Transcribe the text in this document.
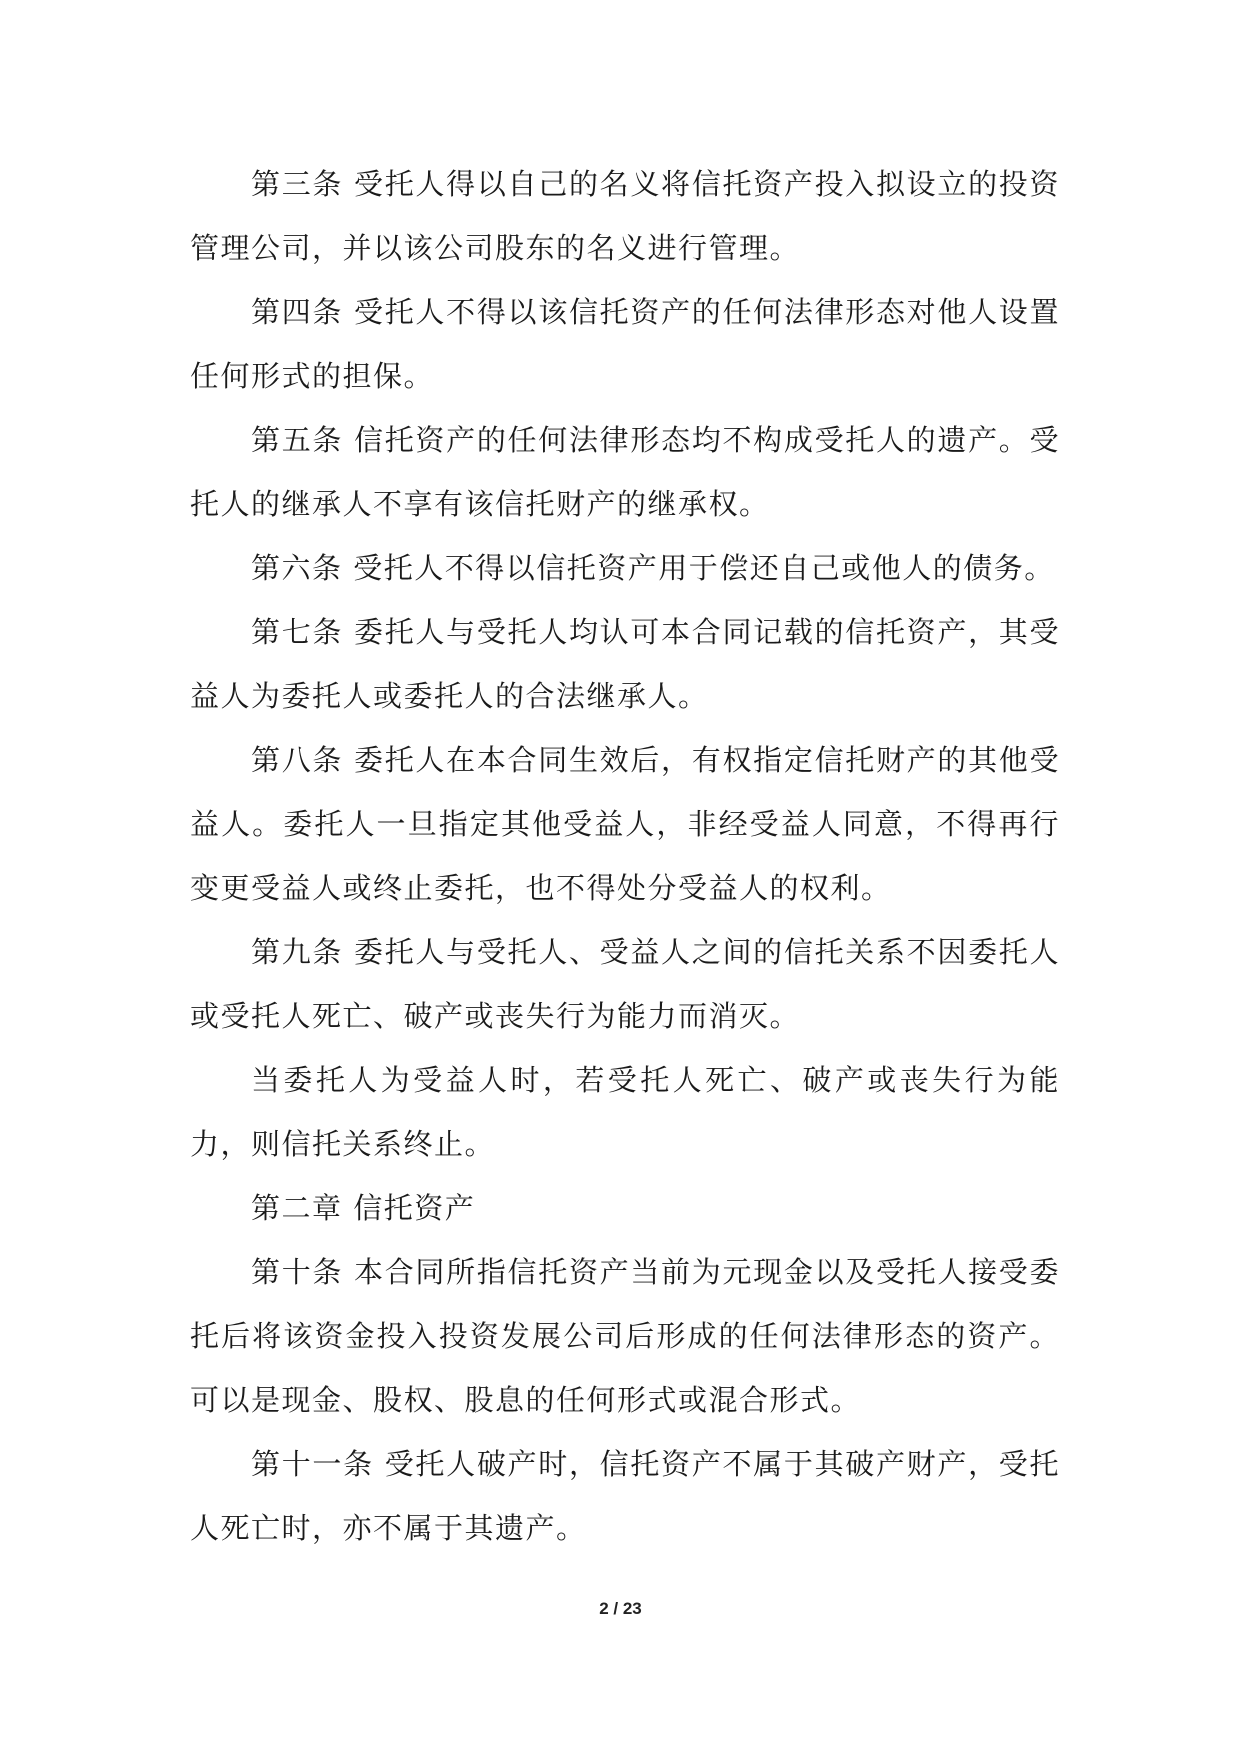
第三条 受托人得以自己的名义将信托资产投入拟设立的投资管理公司，并以该公司股东的名义进行管理。

第四条 受托人不得以该信托资产的任何法律形态对他人设置任何形式的担保。

第五条 信托资产的任何法律形态均不构成受托人的遗产。受托人的继承人不享有该信托财产的继承权。

第六条 受托人不得以信托资产用于偿还自己或他人的债务。

第七条 委托人与受托人均认可本合同记载的信托资产，其受益人为委托人或委托人的合法继承人。

第八条 委托人在本合同生效后，有权指定信托财产的其他受益人。委托人一旦指定其他受益人，非经受益人同意，不得再行变更受益人或终止委托，也不得处分受益人的权利。

第九条 委托人与受托人、受益人之间的信托关系不因委托人或受托人死亡、破产或丧失行为能力而消灭。

当委托人为受益人时，若受托人死亡、破产或丧失行为能力，则信托关系终止。

第二章 信托资产

第十条 本合同所指信托资产当前为元现金以及受托人接受委托后将该资金投入投资发展公司后形成的任何法律形态的资产。可以是现金、股权、股息的任何形式或混合形式。

第十一条 受托人破产时，信托资产不属于其破产财产，受托人死亡时，亦不属于其遗产。

2 / 23
